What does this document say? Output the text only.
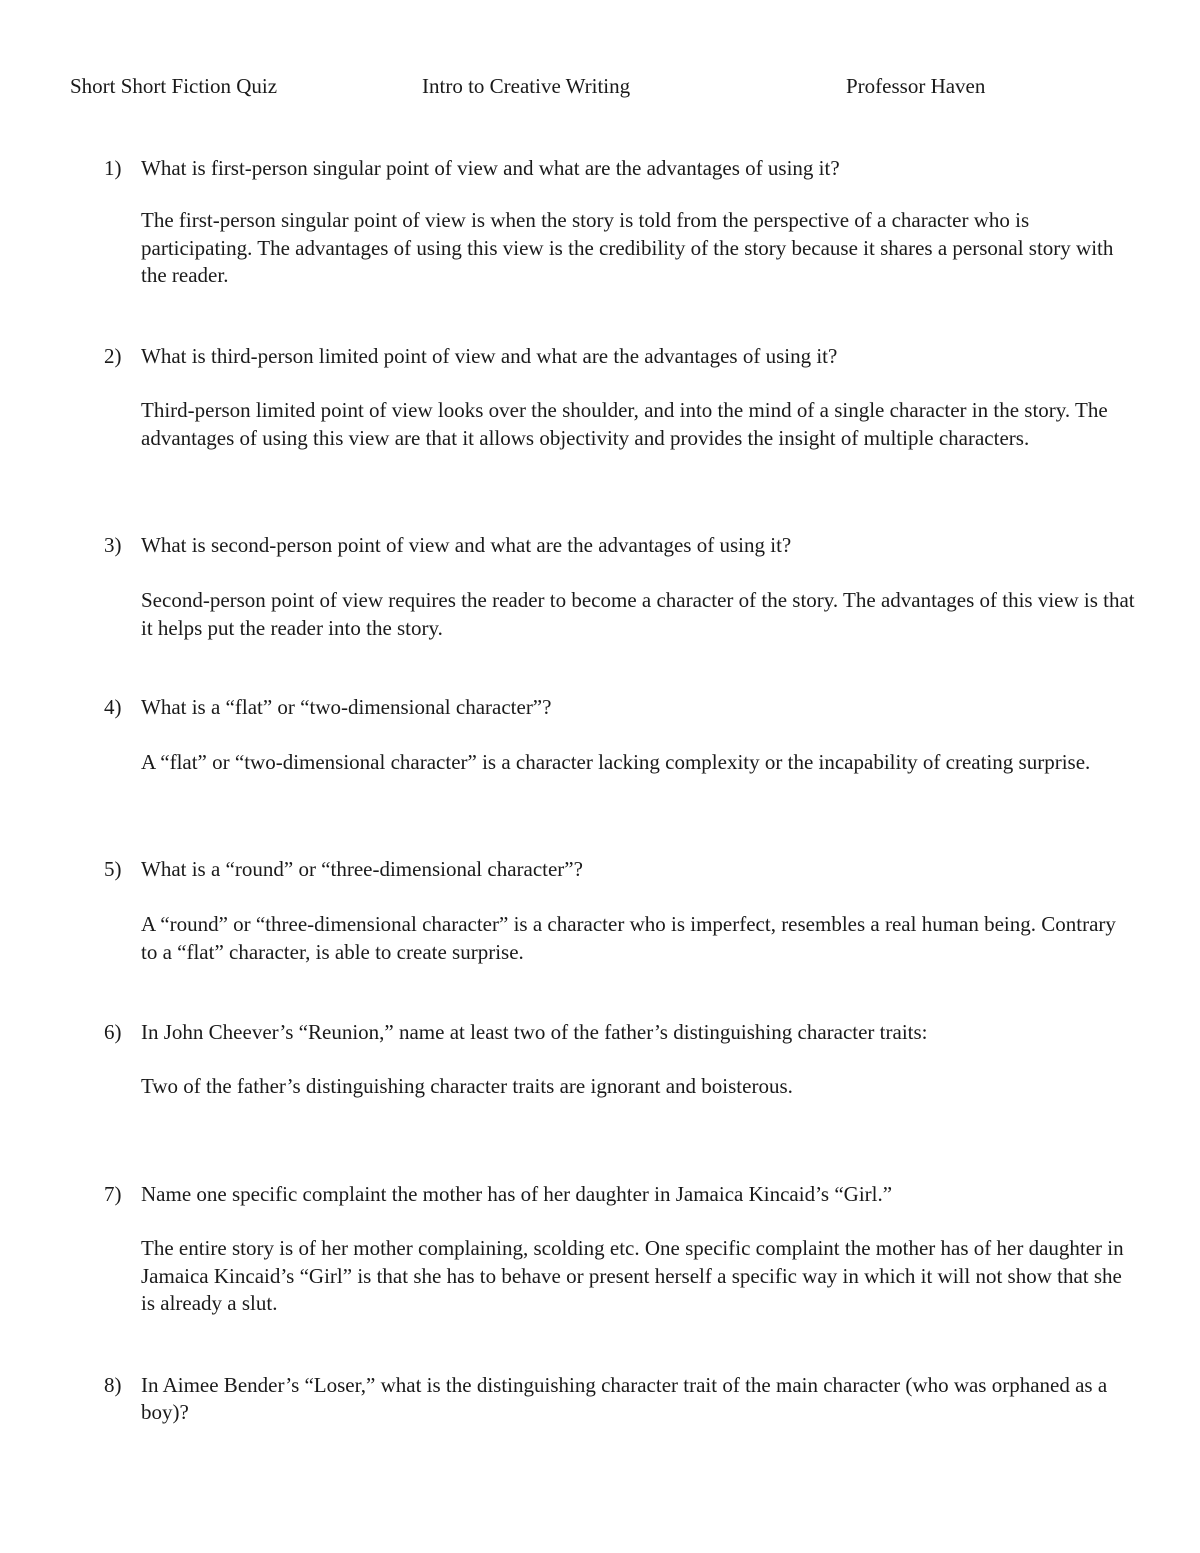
Short Short Fiction Quiz	Intro to Creative Writing	Professor Haven
1) What is first-person singular point of view and what are the advantages of using it?
The first-person singular point of view is when the story is told from the perspective of a character who is participating. The advantages of using this view is the credibility of the story because it shares a personal story with the reader.
2) What is third-person limited point of view and what are the advantages of using it?
Third-person limited point of view looks over the shoulder, and into the mind of a single character in the story. The advantages of using this view are that it allows objectivity and provides the insight of multiple characters.
3) What is second-person point of view and what are the advantages of using it?
Second-person point of view requires the reader to become a character of the story. The advantages of this view is that it helps put the reader into the story.
4) What is a “flat” or “two-dimensional character”?
A “flat” or “two-dimensional character” is a character lacking complexity or the incapability of creating surprise.
5) What is a “round” or “three-dimensional character”?
A “round” or “three-dimensional character” is a character who is imperfect, resembles a real human being. Contrary to a “flat” character, is able to create surprise.
6) In John Cheever’s “Reunion,” name at least two of the father’s distinguishing character traits:
Two of the father’s distinguishing character traits are ignorant and boisterous.
7) Name one specific complaint the mother has of her daughter in Jamaica Kincaid’s “Girl.”
The entire story is of her mother complaining, scolding etc. One specific complaint the mother has of her daughter in Jamaica Kincaid’s “Girl” is that she has to behave or present herself a specific way in which it will not show that she is already a slut.
8) In Aimee Bender’s “Loser,” what is the distinguishing character trait of the main character (who was orphaned as a boy)?
